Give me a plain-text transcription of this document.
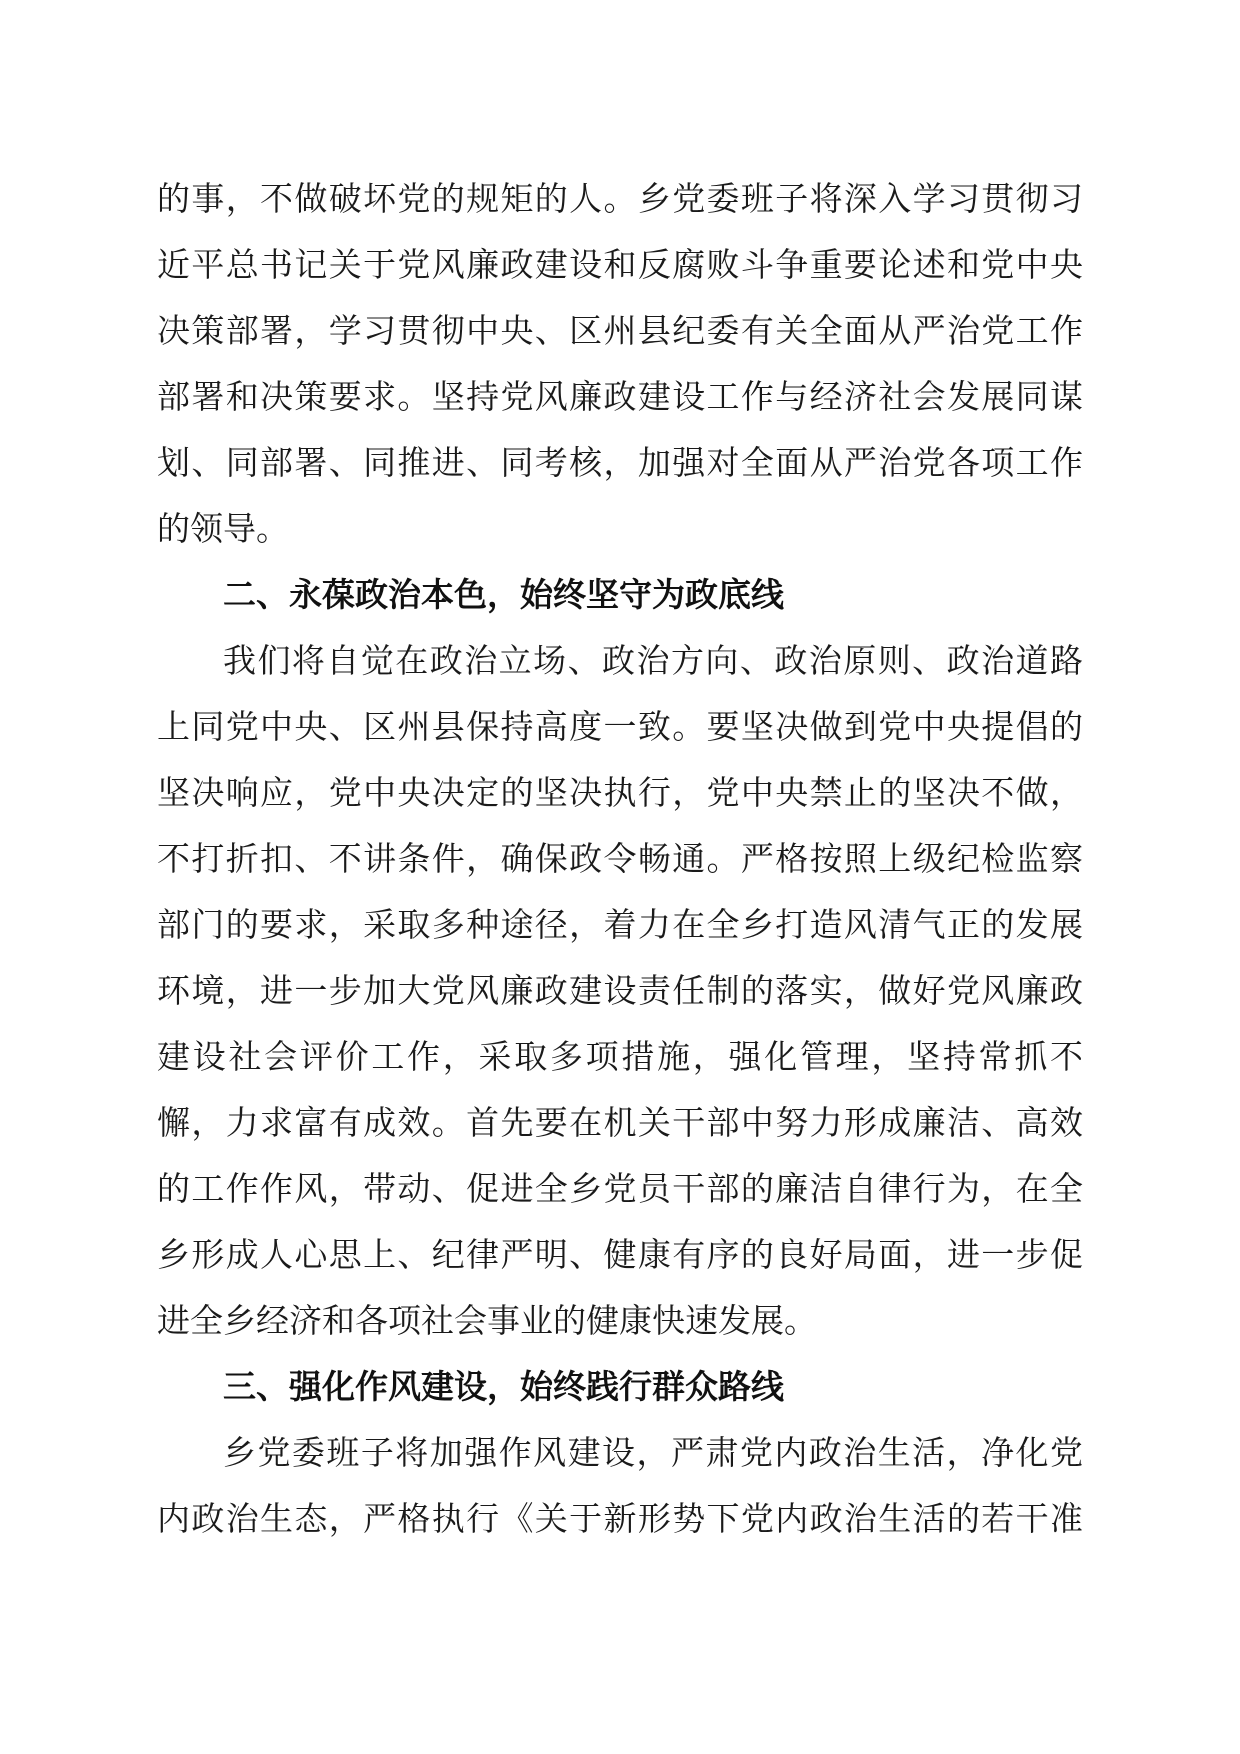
的事，不做破坏党的规矩的人。乡党委班子将深入学习贯彻习
近平总书记关于党风廉政建设和反腐败斗争重要论述和党中央
决策部署，学习贯彻中央、区州县纪委有关全面从严治党工作
部署和决策要求。坚持党风廉政建设工作与经济社会发展同谋
划、同部署、同推进、同考核，加强对全面从严治党各项工作
的领导。
二、永葆政治本色，始终坚守为政底线
我们将自觉在政治立场、政治方向、政治原则、政治道路
上同党中央、区州县保持高度一致。要坚决做到党中央提倡的
坚决响应，党中央决定的坚决执行，党中央禁止的坚决不做，
不打折扣、不讲条件，确保政令畅通。严格按照上级纪检监察
部门的要求，采取多种途径，着力在全乡打造风清气正的发展
环境，进一步加大党风廉政建设责任制的落实，做好党风廉政
建设社会评价工作，采取多项措施，强化管理，坚持常抓不
懈，力求富有成效。首先要在机关干部中努力形成廉洁、高效
的工作作风，带动、促进全乡党员干部的廉洁自律行为，在全
乡形成人心思上、纪律严明、健康有序的良好局面，进一步促
进全乡经济和各项社会事业的健康快速发展。
三、强化作风建设，始终践行群众路线
乡党委班子将加强作风建设，严肃党内政治生活，净化党
内政治生态，严格执行《关于新形势下党内政治生活的若干准
